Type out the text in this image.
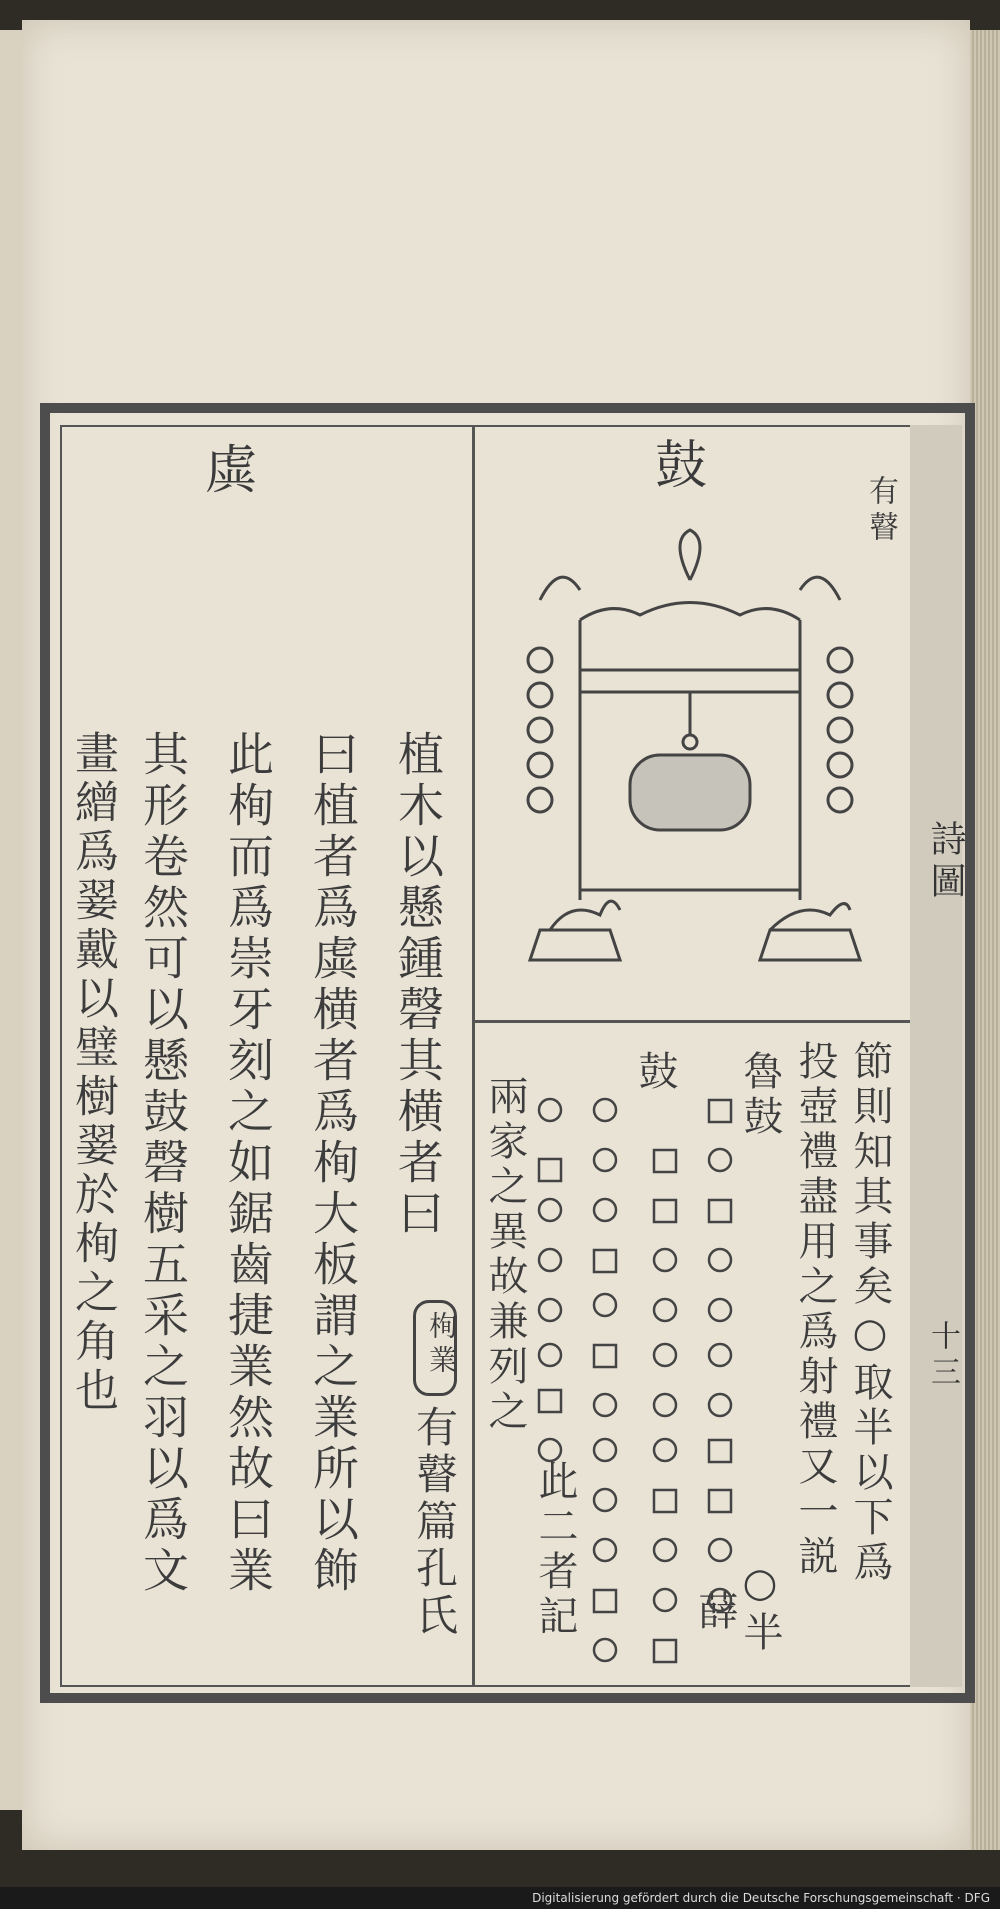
虡
植木以懸鍾磬其横者曰
曰植者爲虡横者爲栒大板謂之業所以飾
此栒而爲崇牙刻之如鋸齒捷業然故曰業
其形卷然可以懸鼓磬樹五采之羽以爲文
畫繒爲翣戴以璧樹翣於栒之角也	栒業
有瞽篇孔氏
鼓
有瞽
節則知其事矣○取半以下爲
投壺禮盡用之爲射禮又一説
魯鼓
鼓
兩家之異故兼列之
○半
薛
此二者記
詩圖
十三
Digitalisierung gefördert durch die Deutsche Forschungsgemeinschaft · DFG
